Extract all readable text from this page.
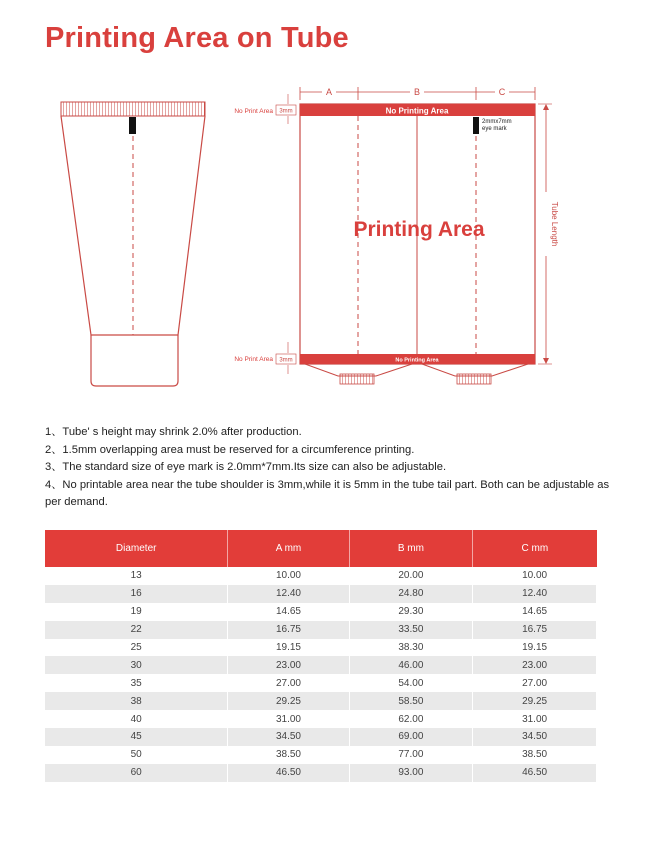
Printing Area on Tube
A	B	C
No Printing Area
No Printing Area
2mmx7mm
eye mark
Printing Area
No Print Area 3mm
No Print Area 3mm
Tube Length
1、Tube' s height may shrink 2.0% after production.
2、1.5mm overlapping area must be reserved for a circumference printing.
3、The standard size of eye mark is 2.0mm*7mm.Its size can also be adjustable.
4、No printable area near the tube shoulder is 3mm,while it is 5mm in the tube tail part. Both can be adjustable as per demand.
Diameter	A mm	B mm	C mm
13	10.00	20.00	10.00
16	12.40	24.80	12.40
19	14.65	29.30	14.65
22	16.75	33.50	16.75
25	19.15	38.30	19.15
30	23.00	46.00	23.00
35	27.00	54.00	27.00
38	29.25	58.50	29.25
40	31.00	62.00	31.00
45	34.50	69.00	34.50
50	38.50	77.00	38.50
60	46.50	93.00	46.50
